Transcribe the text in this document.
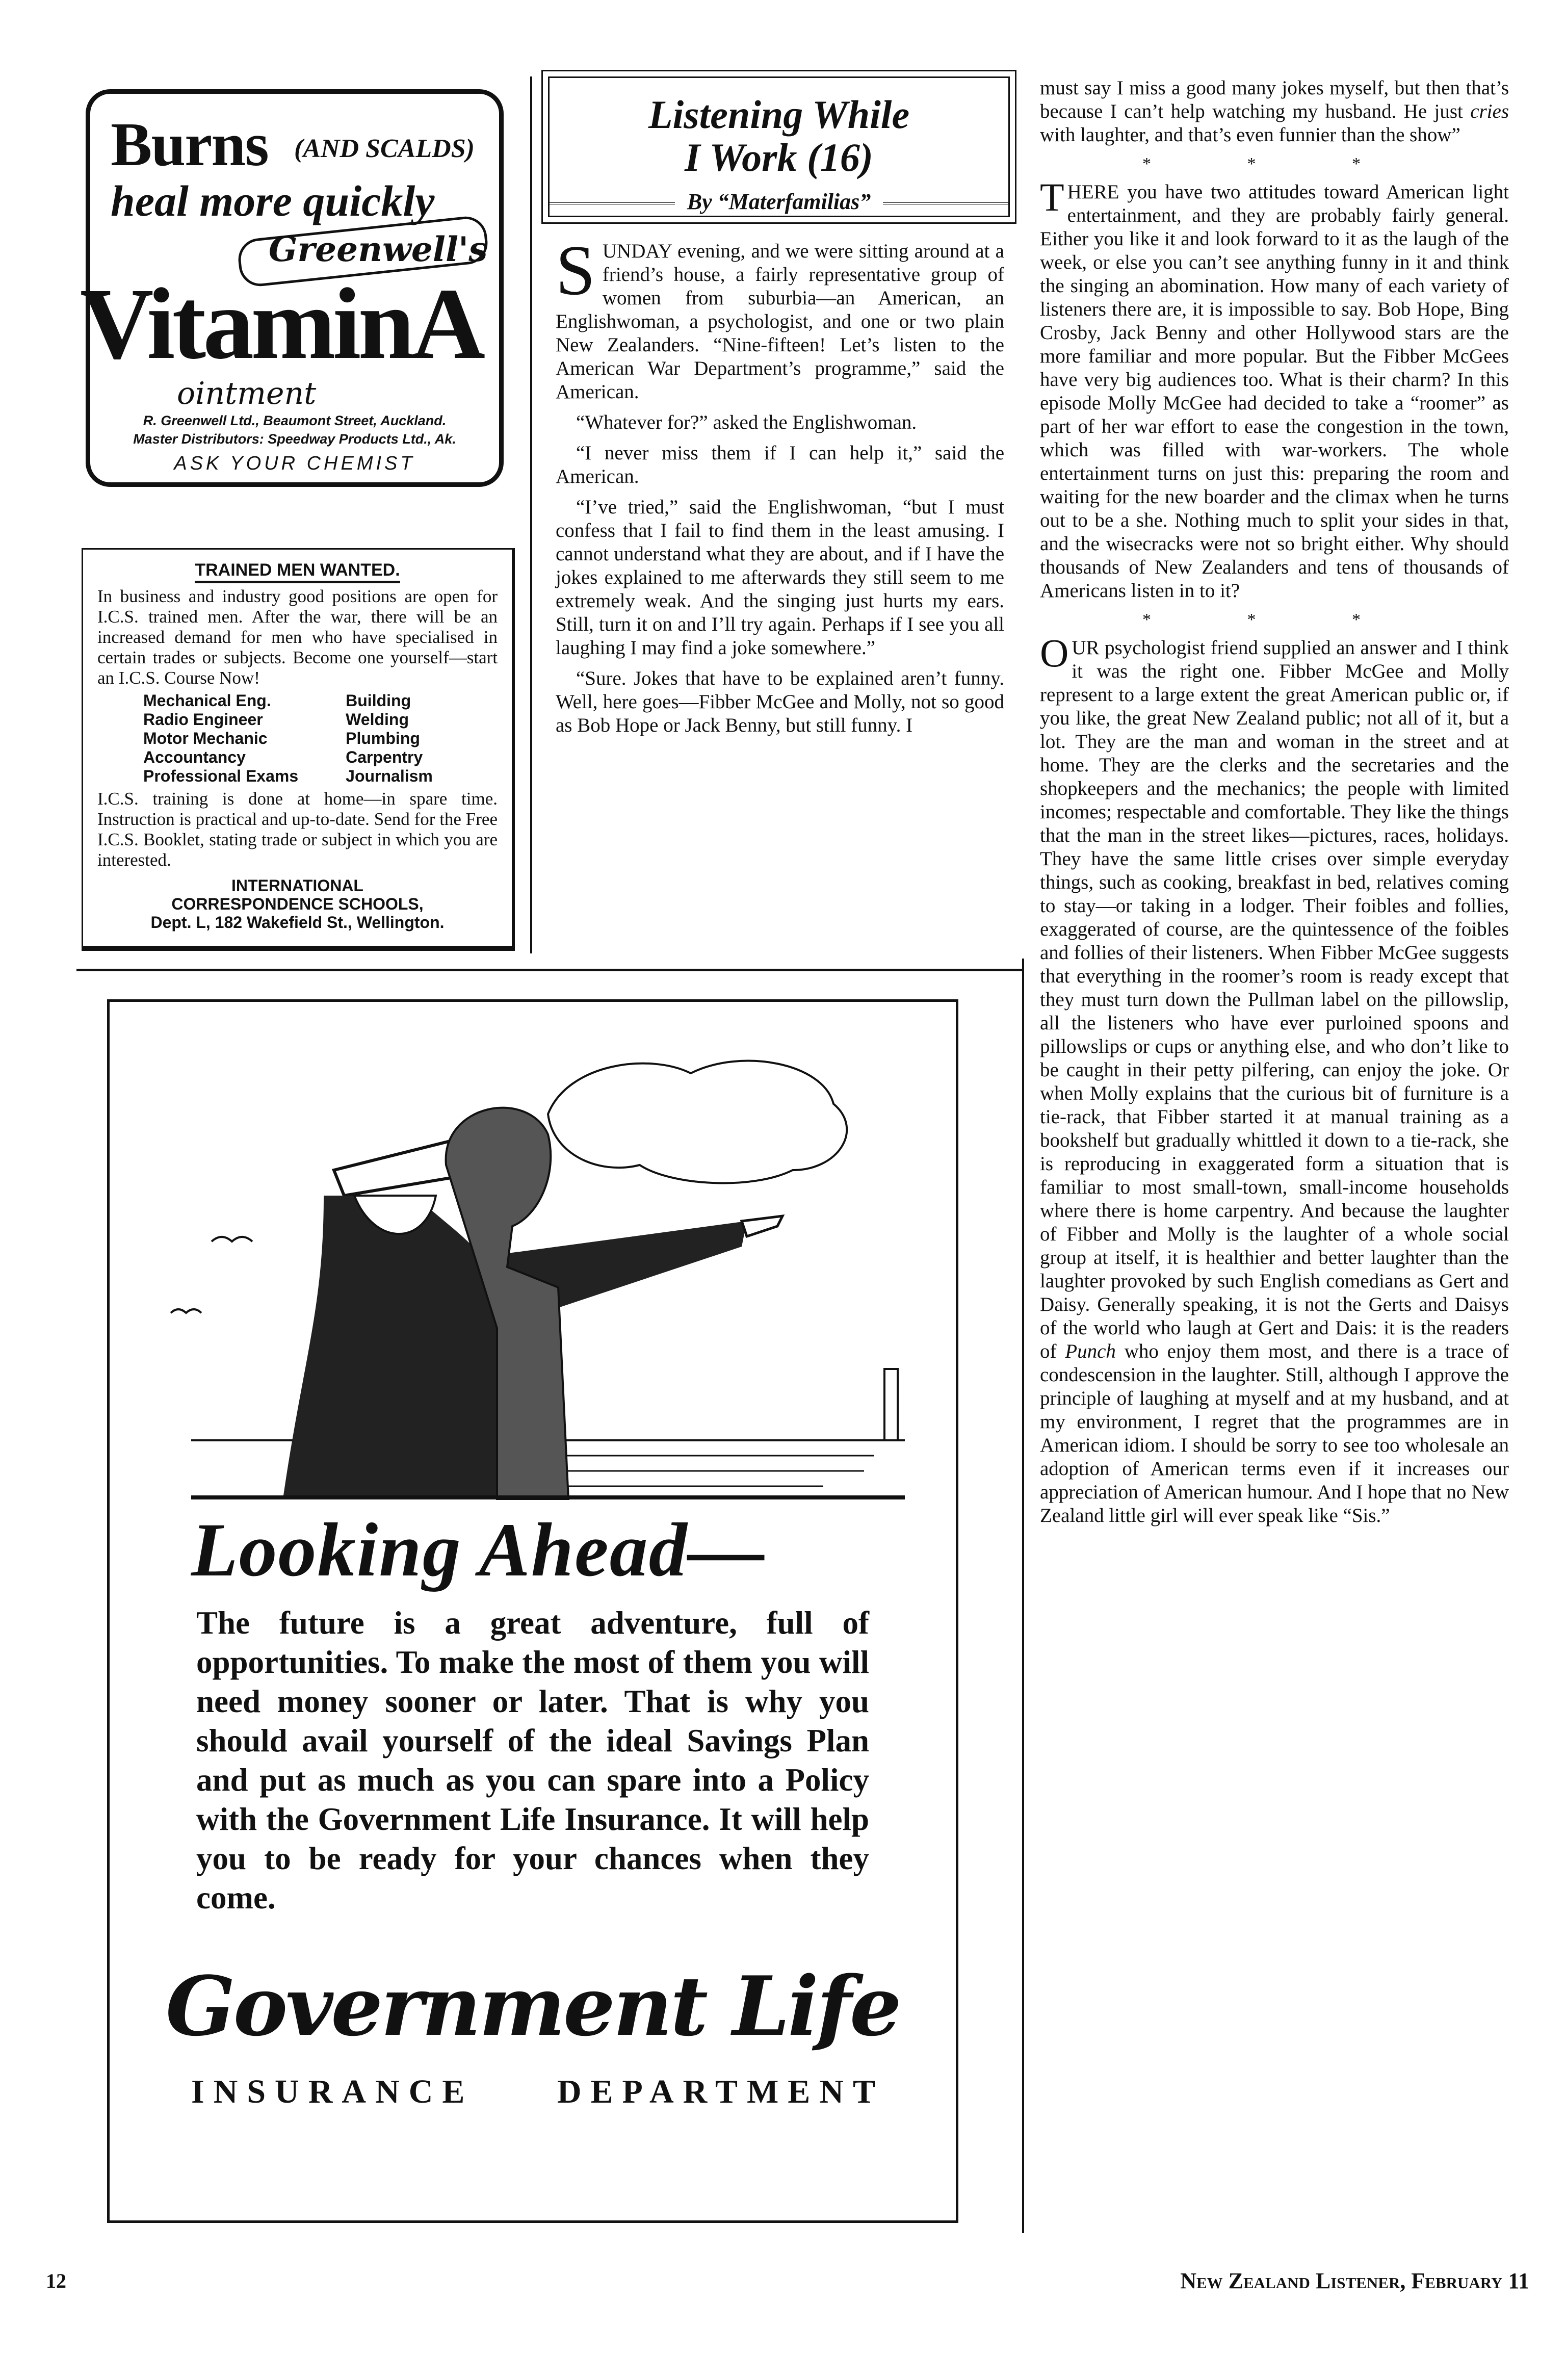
Burns (AND SCALDS)
heal more quickly
Greenwell's
VitaminA
ointment
R. Greenwell Ltd., Beaumont Street, Auckland.
Master Distributors: Speedway Products Ltd., Ak.
ASK YOUR CHEMIST
TRAINED MEN WANTED.
In business and industry good positions are open for I.C.S. trained men. After the war, there will be an increased demand for men who have specialised in certain trades or subjects. Become one yourself—start an I.C.S. Course Now!
Mechanical Eng.	Building
Radio Engineer	Welding
Motor Mechanic	Plumbing
Accountancy	Carpentry
Professional Exams	Journalism
I.C.S. training is done at home—in spare time. Instruction is practical and up-to-date. Send for the Free I.C.S. Booklet, stating trade or subject in which you are interested.
INTERNATIONAL
CORRESPONDENCE SCHOOLS,
Dept. L, 182 Wakefield St., Wellington.
Listening While
I Work (16)
By “Materfamilias”

SUNDAY evening, and we were sitting around at a friend’s house, a fairly representative group of women from suburbia—an American, an Englishwoman, a psychologist, and one or two plain New Zealanders. “Nine-fifteen! Let’s listen to the American War Department’s programme,” said the American.

“Whatever for?” asked the Englishwoman.

“I never miss them if I can help it,” said the American.

“I’ve tried,” said the Englishwoman, “but I must confess that I fail to find them in the least amusing. I cannot understand what they are about, and if I have the jokes explained to me afterwards they still seem to me extremely weak. And the singing just hurts my ears. Still, turn it on and I’ll try again. Perhaps if I see you all laughing I may find a joke somewhere.”

“Sure. Jokes that have to be explained aren’t funny. Well, here goes—Fibber McGee and Molly, not so good as Bob Hope or Jack Benny, but still funny. I

must say I miss a good many jokes myself, but then that’s because I can’t help watching my husband. He just cries with laughter, and that’s even funnier than the show”

* * *

THERE you have two attitudes toward American light entertainment, and they are probably fairly general. Either you like it and look forward to it as the laugh of the week, or else you can’t see anything funny in it and think the singing an abomination. How many of each variety of listeners there are, it is impossible to say. Bob Hope, Bing Crosby, Jack Benny and other Hollywood stars are the more familiar and more popular. But the Fibber McGees have very big audiences too. What is their charm? In this episode Molly McGee had decided to take a “roomer” as part of her war effort to ease the congestion in the town, which was filled with war-workers. The whole entertainment turns on just this: preparing the room and waiting for the new boarder and the climax when he turns out to be a she. Nothing much to split your sides in that, and the wisecracks were not so bright either. Why should thousands of New Zealanders and tens of thousands of Americans listen in to it?

* * *

OUR psychologist friend supplied an answer and I think it was the right one. Fibber McGee and Molly represent to a large extent the great American public or, if you like, the great New Zealand public; not all of it, but a lot. They are the man and woman in the street and at home. They are the clerks and the secretaries and the shopkeepers and the mechanics; the people with limited incomes; respectable and comfortable. They like the things that the man in the street likes—pictures, races, holidays. They have the same little crises over simple everyday things, such as cooking, breakfast in bed, relatives coming to stay—or taking in a lodger. Their foibles and follies, exaggerated of course, are the quintessence of the foibles and follies of their listeners. When Fibber McGee suggests that everything in the roomer’s room is ready except that they must turn down the Pullman label on the pillowslip, all the listeners who have ever purloined spoons and pillowslips or cups or anything else, and who don’t like to be caught in their petty pilfering, can enjoy the joke. Or when Molly explains that the curious bit of furniture is a tie-rack, that Fibber started it at manual training as a bookshelf but gradually whittled it down to a tie-rack, she is reproducing in exaggerated form a situation that is familiar to most small-town, small-income households where there is home carpentry. And because the laughter of Fibber and Molly is the laughter of a whole social group at itself, it is healthier and better laughter than the laughter provoked by such English comedians as Gert and Daisy. Generally speaking, it is not the Gerts and Daisys of the world who laugh at Gert and Dais: it is the readers of Punch who enjoy them most, and there is a trace of condescension in the laughter. Still, although I approve the principle of laughing at myself and at my husband, and at my environment, I regret that the programmes are in American idiom. I should be sorry to see too wholesale an adoption of American terms even if it increases our appreciation of American humour. And I hope that no New Zealand little girl will ever speak like “Sis.”

Looking Ahead—
The future is a great adventure, full of opportunities. To make the most of them you will need money sooner or later. That is why you should avail yourself of the ideal Savings Plan and put as much as you can spare into a Policy with the Government Life Insurance. It will help you to be ready for your chances when they come.
Government Life
INSURANCE DEPARTMENT
12	New Zealand Listener, February 11
